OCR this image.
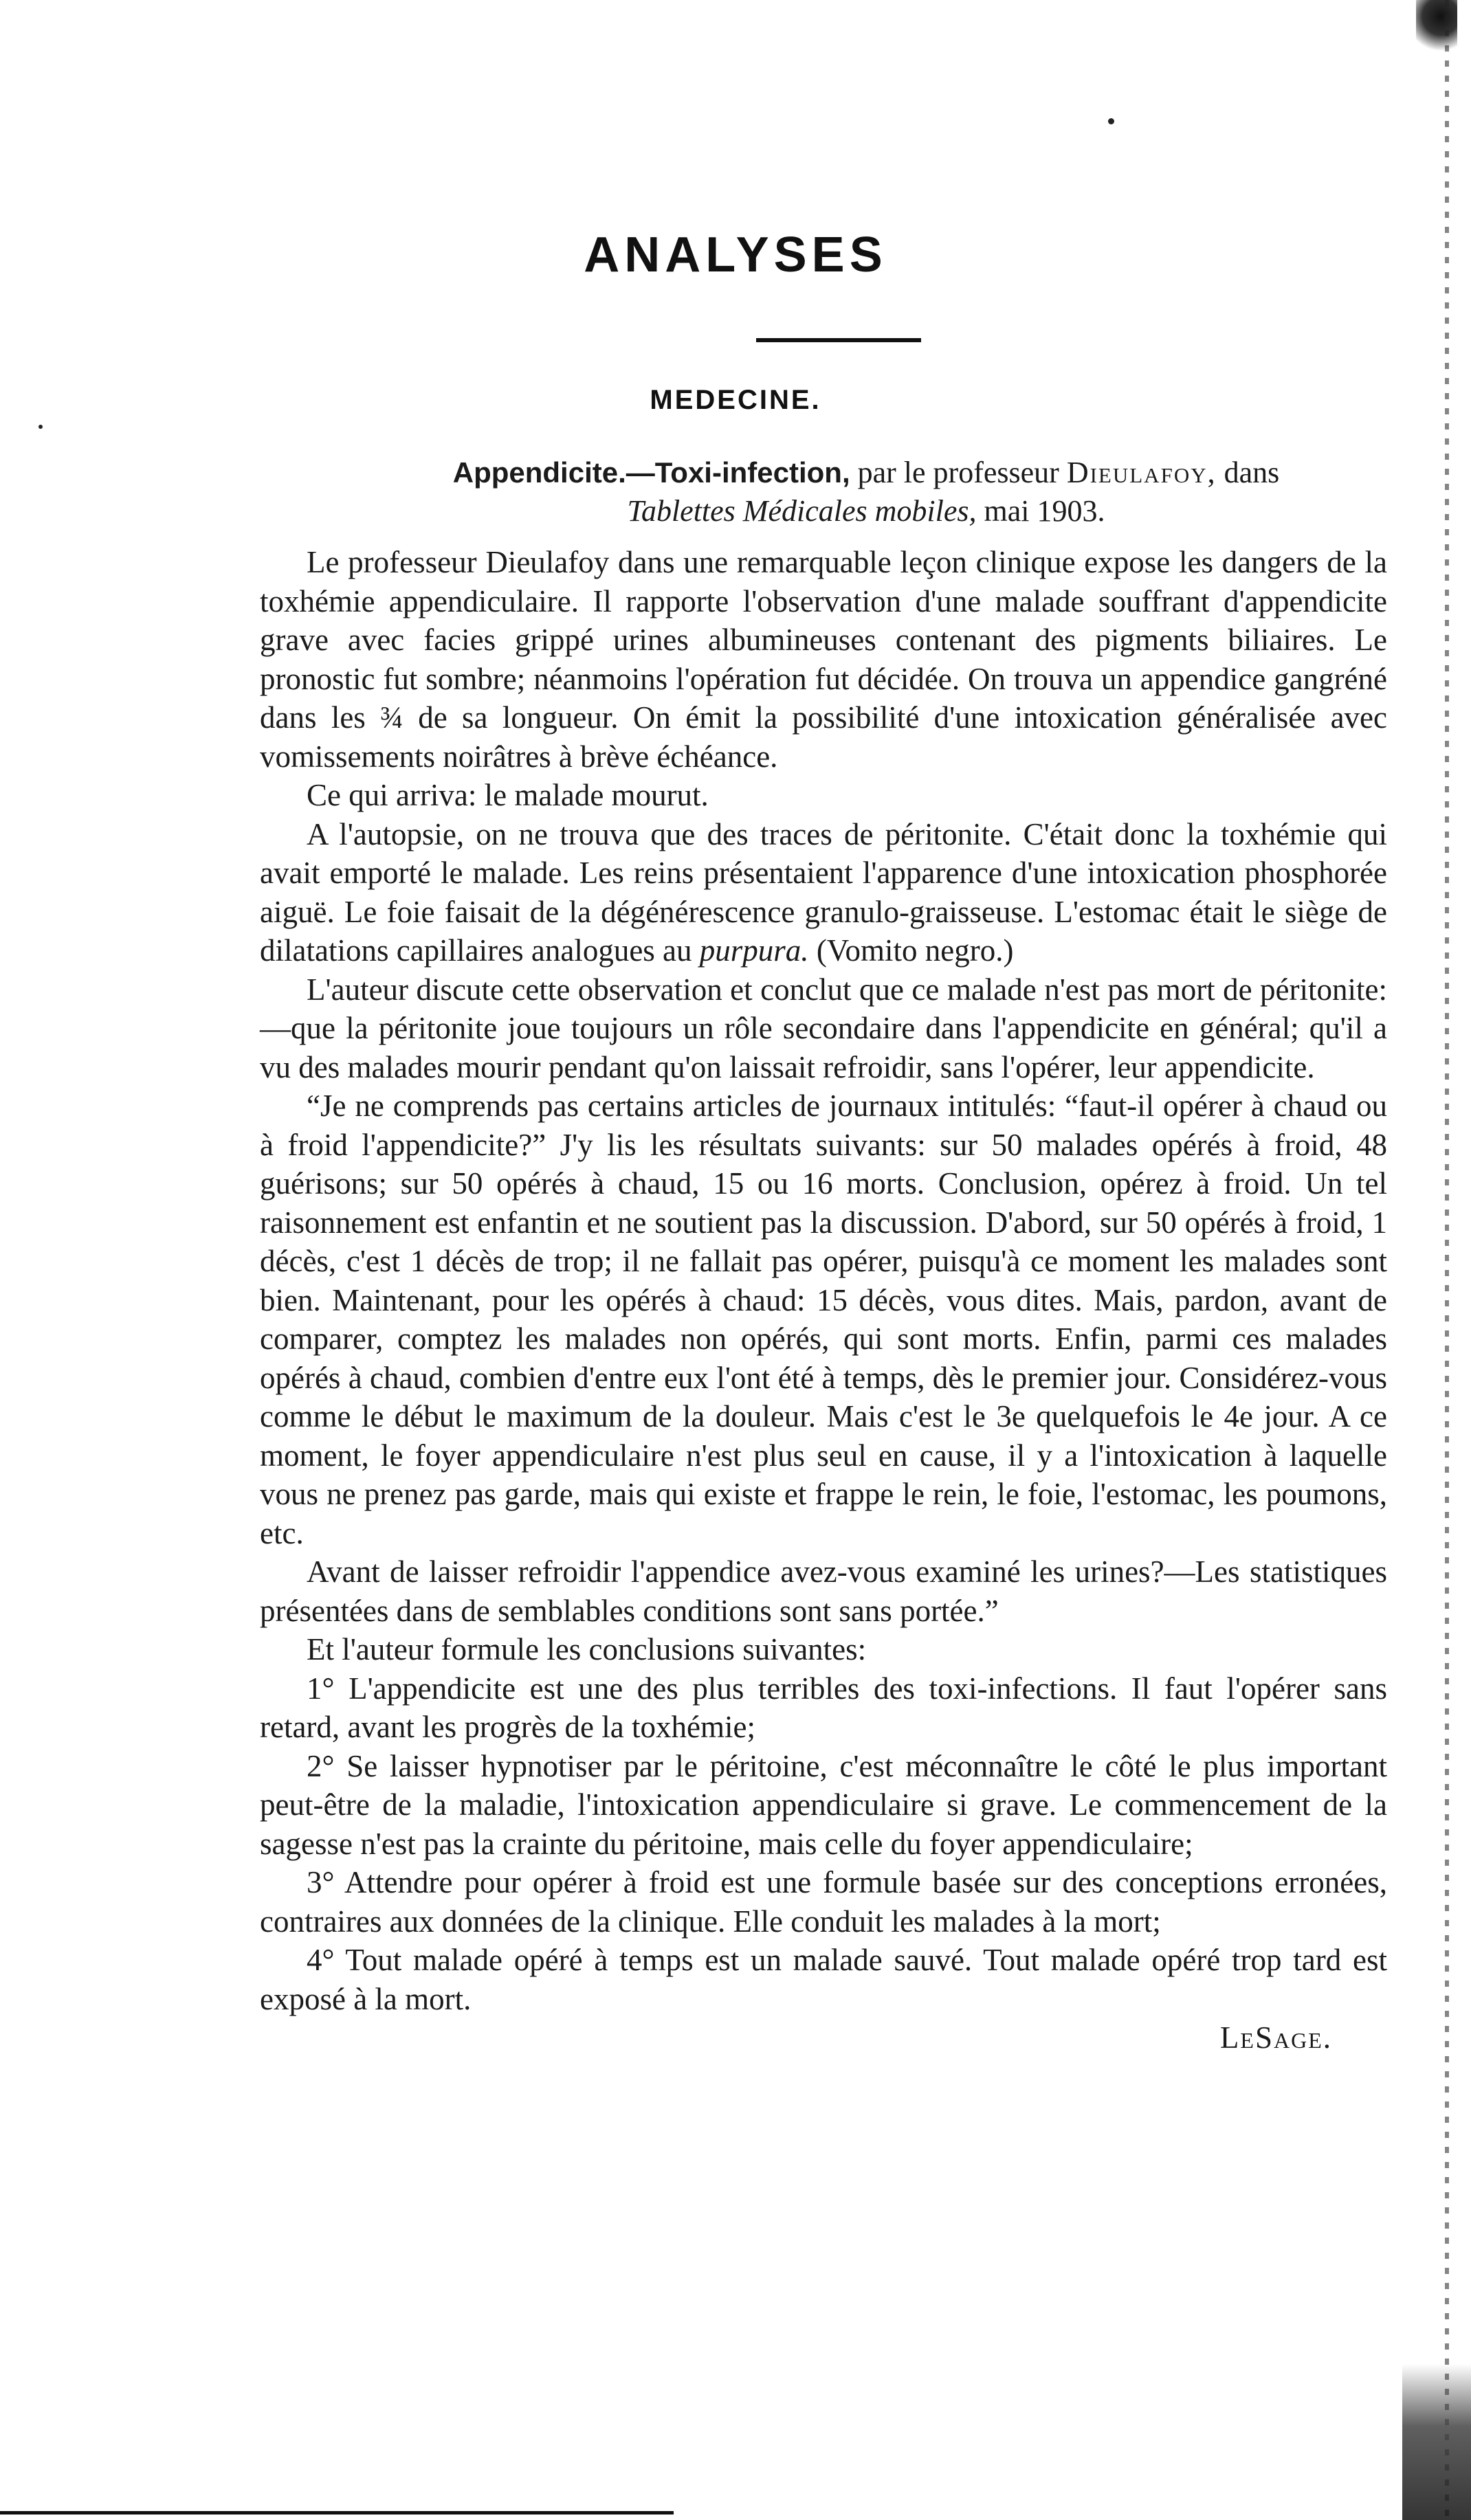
ANALYSES
MEDECINE.
Appendicite.—Toxi-infection, par le professeur Dieulafoy, dans
Tablettes Médicales mobiles, mai 1903.

Le professeur Dieulafoy dans une remarquable leçon clinique expose les dangers de la toxhémie appendiculaire. Il rapporte l'observation d'une malade souffrant d'appendicite grave avec facies grippé urines albumineuses contenant des pigments biliaires. Le pronostic fut sombre; néanmoins l'opération fut décidée. On trouva un appendice gangréné dans les ¾ de sa longueur. On émit la possibilité d'une intoxication généralisée avec vomissements noirâtres à brève échéance.

Ce qui arriva: le malade mourut.

A l'autopsie, on ne trouva que des traces de péritonite. C'était donc la toxhémie qui avait emporté le malade. Les reins présentaient l'apparence d'une intoxication phosphorée aiguë. Le foie faisait de la dégénérescence granulo-graisseuse. L'estomac était le siège de dilatations capillaires analogues au purpura. (Vomito negro.)

L'auteur discute cette observation et conclut que ce malade n'est pas mort de péritonite:—que la péritonite joue toujours un rôle secondaire dans l'appendicite en général; qu'il a vu des malades mourir pendant qu'on laissait refroidir, sans l'opérer, leur appendicite.

“Je ne comprends pas certains articles de journaux intitulés: “faut-il opérer à chaud ou à froid l'appendicite?” J'y lis les résultats suivants: sur 50 malades opérés à froid, 48 guérisons; sur 50 opérés à chaud, 15 ou 16 morts. Conclusion, opérez à froid. Un tel raisonnement est enfantin et ne soutient pas la discussion. D'abord, sur 50 opérés à froid, 1 décès, c'est 1 décès de trop; il ne fallait pas opérer, puisqu'à ce moment les malades sont bien. Maintenant, pour les opérés à chaud: 15 décès, vous dites. Mais, pardon, avant de comparer, comptez les malades non opérés, qui sont morts. Enfin, parmi ces malades opérés à chaud, combien d'entre eux l'ont été à temps, dès le premier jour. Considérez-vous comme le début le maximum de la douleur. Mais c'est le 3e quelquefois le 4e jour. A ce moment, le foyer appendiculaire n'est plus seul en cause, il y a l'intoxication à laquelle vous ne prenez pas garde, mais qui existe et frappe le rein, le foie, l'estomac, les poumons, etc.

Avant de laisser refroidir l'appendice avez-vous examiné les urines?—Les statistiques présentées dans de semblables conditions sont sans portée.”

Et l'auteur formule les conclusions suivantes:

1° L'appendicite est une des plus terribles des toxi-infections. Il faut l'opérer sans retard, avant les progrès de la toxhémie;

2° Se laisser hypnotiser par le péritoine, c'est méconnaître le côté le plus important peut-être de la maladie, l'intoxication appendiculaire si grave. Le commencement de la sagesse n'est pas la crainte du péritoine, mais celle du foyer appendiculaire;

3° Attendre pour opérer à froid est une formule basée sur des conceptions erronées, contraires aux données de la clinique. Elle conduit les malades à la mort;

4° Tout malade opéré à temps est un malade sauvé. Tout malade opéré trop tard est exposé à la mort.

LeSage.
